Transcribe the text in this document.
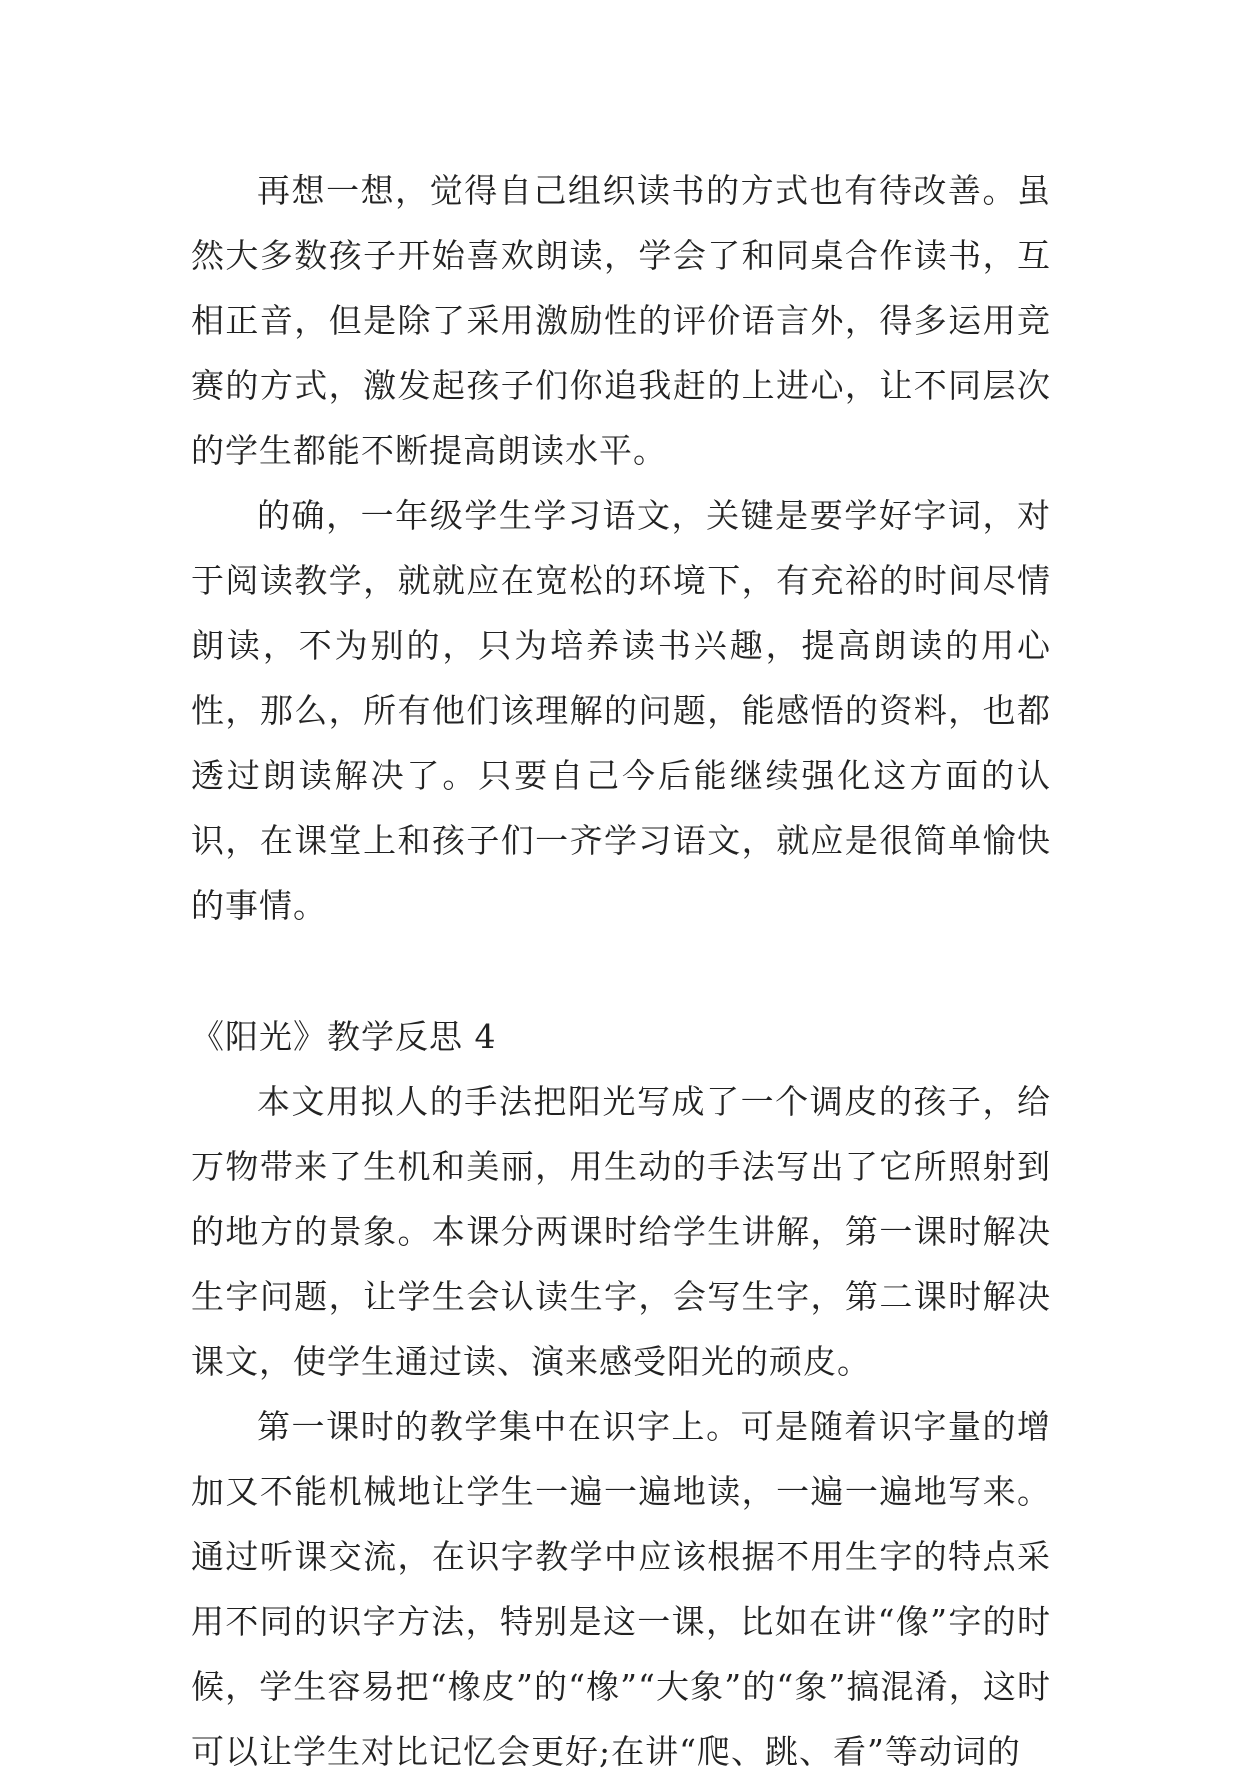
再想一想，觉得自己组织读书的方式也有待改善。虽然大多数孩子开始喜欢朗读，学会了和同桌合作读书，互相正音，但是除了采用激励性的评价语言外，得多运用竞赛的方式，激发起孩子们你追我赶的上进心，让不同层次的学生都能不断提高朗读水平。

的确，一年级学生学习语文，关键是要学好字词，对于阅读教学，就就应在宽松的环境下，有充裕的时间尽情朗读，不为别的，只为培养读书兴趣，提高朗读的用心性，那么，所有他们该理解的问题，能感悟的资料，也都透过朗读解决了。只要自己今后能继续强化这方面的认识，在课堂上和孩子们一齐学习语文，就应是很简单愉快的事情。

《阳光》教学反思 4

本文用拟人的手法把阳光写成了一个调皮的孩子，给万物带来了生机和美丽，用生动的手法写出了它所照射到的地方的景象。本课分两课时给学生讲解，第一课时解决生字问题，让学生会认读生字，会写生字，第二课时解决课文，使学生通过读、演来感受阳光的顽皮。

第一课时的教学集中在识字上。可是随着识字量的增加又不能机械地让学生一遍一遍地读，一遍一遍地写来。通过听课交流，在识字教学中应该根据不用生字的特点采用不同的识字方法，特别是这一课，比如在讲“像”字的时候，学生容易把“橡皮”的“橡”“大象”的“象”搞混淆，这时可以让学生对比记忆会更好;在讲“爬、跳、看”等动词的
